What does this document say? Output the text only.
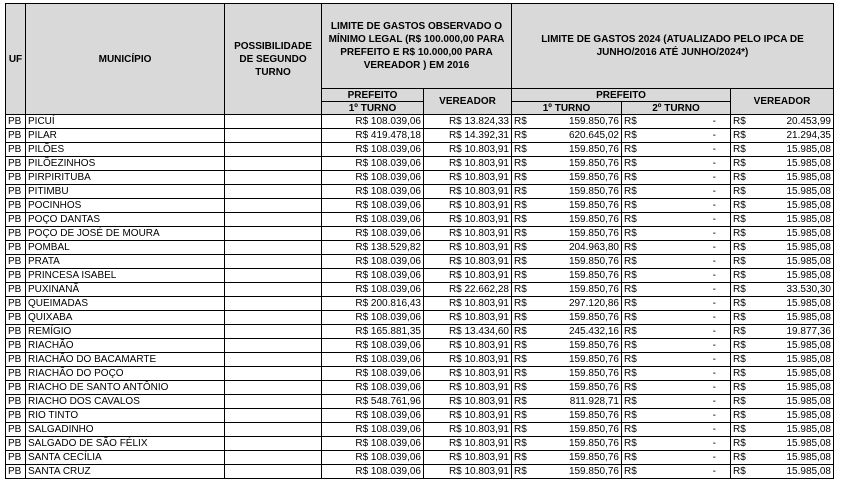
UF	MUNICÍPIO	POSSIBILIDADE DE SEGUNDO TURNO	LIMITE DE GASTOS OBSERVADO O MÍNIMO LEGAL (R$ 100.000,00 PARA PREFEITO E R$ 10.000,00 PARA VEREADOR ) EM 2016		LIMITE DE GASTOS 2024 (ATUALIZADO PELO IPCA DE JUNHO/2016 ATÉ JUNHO/2024*)					
			PREFEITO	VEREADOR	PREFEITO				VEREADOR	
			1º TURNO		1º TURNO		2º TURNO			
PB	PICUÍ		R$ 108.039,06	R$ 13.824,33	R$	159.850,76	R$	-	R$	20.453,99
PB	PILAR		R$ 419.478,18	R$ 14.392,31	R$	620.645,02	R$	-	R$	21.294,35
PB	PILÕES		R$ 108.039,06	R$ 10.803,91	R$	159.850,76	R$	-	R$	15.985,08
PB	PILÕEZINHOS		R$ 108.039,06	R$ 10.803,91	R$	159.850,76	R$	-	R$	15.985,08
PB	PIRPIRITUBA		R$ 108.039,06	R$ 10.803,91	R$	159.850,76	R$	-	R$	15.985,08
PB	PITIMBU		R$ 108.039,06	R$ 10.803,91	R$	159.850,76	R$	-	R$	15.985,08
PB	POCINHOS		R$ 108.039,06	R$ 10.803,91	R$	159.850,76	R$	-	R$	15.985,08
PB	POÇO DANTAS		R$ 108.039,06	R$ 10.803,91	R$	159.850,76	R$	-	R$	15.985,08
PB	POÇO DE JOSÉ DE MOURA		R$ 108.039,06	R$ 10.803,91	R$	159.850,76	R$	-	R$	15.985,08
PB	POMBAL		R$ 138.529,82	R$ 10.803,91	R$	204.963,80	R$	-	R$	15.985,08
PB	PRATA		R$ 108.039,06	R$ 10.803,91	R$	159.850,76	R$	-	R$	15.985,08
PB	PRINCESA ISABEL		R$ 108.039,06	R$ 10.803,91	R$	159.850,76	R$	-	R$	15.985,08
PB	PUXINANÃ		R$ 108.039,06	R$ 22.662,28	R$	159.850,76	R$	-	R$	33.530,30
PB	QUEIMADAS		R$ 200.816,43	R$ 10.803,91	R$	297.120,86	R$	-	R$	15.985,08
PB	QUIXABA		R$ 108.039,06	R$ 10.803,91	R$	159.850,76	R$	-	R$	15.985,08
PB	REMÍGIO		R$ 165.881,35	R$ 13.434,60	R$	245.432,16	R$	-	R$	19.877,36
PB	RIACHÃO		R$ 108.039,06	R$ 10.803,91	R$	159.850,76	R$	-	R$	15.985,08
PB	RIACHÃO DO BACAMARTE		R$ 108.039,06	R$ 10.803,91	R$	159.850,76	R$	-	R$	15.985,08
PB	RIACHÃO DO POÇO		R$ 108.039,06	R$ 10.803,91	R$	159.850,76	R$	-	R$	15.985,08
PB	RIACHO DE SANTO ANTÔNIO		R$ 108.039,06	R$ 10.803,91	R$	159.850,76	R$	-	R$	15.985,08
PB	RIACHO DOS CAVALOS		R$ 548.761,96	R$ 10.803,91	R$	811.928,71	R$	-	R$	15.985,08
PB	RIO TINTO		R$ 108.039,06	R$ 10.803,91	R$	159.850,76	R$	-	R$	15.985,08
PB	SALGADINHO		R$ 108.039,06	R$ 10.803,91	R$	159.850,76	R$	-	R$	15.985,08
PB	SALGADO DE SÃO FÉLIX		R$ 108.039,06	R$ 10.803,91	R$	159.850,76	R$	-	R$	15.985,08
PB	SANTA CECÍLIA		R$ 108.039,06	R$ 10.803,91	R$	159.850,76	R$	-	R$	15.985,08
PB	SANTA CRUZ		R$ 108.039,06	R$ 10.803,91	R$	159.850,76	R$	-	R$	15.985,08
